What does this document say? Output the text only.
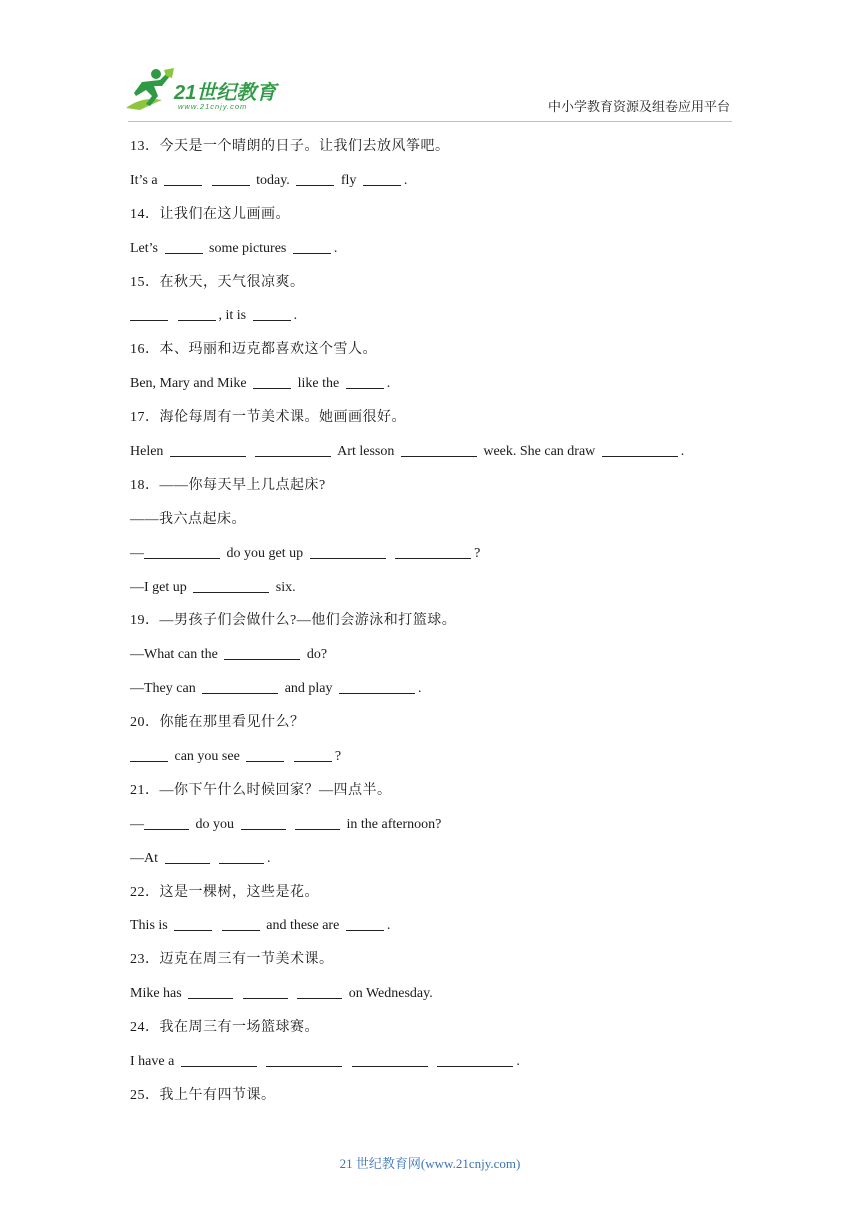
21世纪教育
www.21cnjy.com	中小学教育资源及组卷应用平台
13．今天是一个晴朗的日子。让我们去放风筝吧。
It’s a	today.	fly	.
14．让我们在这儿画画。
Let’s	some pictures	.
15．在秋天，天气很凉爽。
, it is	.
16．本、玛丽和迈克都喜欢这个雪人。
Ben, Mary and Mike	like the	.
17．海伦每周有一节美术课。她画画很好。
Helen	Art lesson	week. She can draw	.
18．——你每天早上几点起床?
——我六点起床。
—	do you get up	?
—I get up	six.
19．—男孩子们会做什么?—他们会游泳和打篮球。
—What can the	do?
—They can	and play	.
20．你能在那里看见什么？
can you see	?
21．—你下午什么时候回家？—四点半。
—	do you	in the afternoon?
—At	.
22．这是一棵树，这些是花。
This is	and these are	.
23．迈克在周三有一节美术课。
Mike has	on Wednesday.
24．我在周三有一场篮球赛。
I have a	.
25．我上午有四节课。
21 世纪教育网(www.21cnjy.com)
